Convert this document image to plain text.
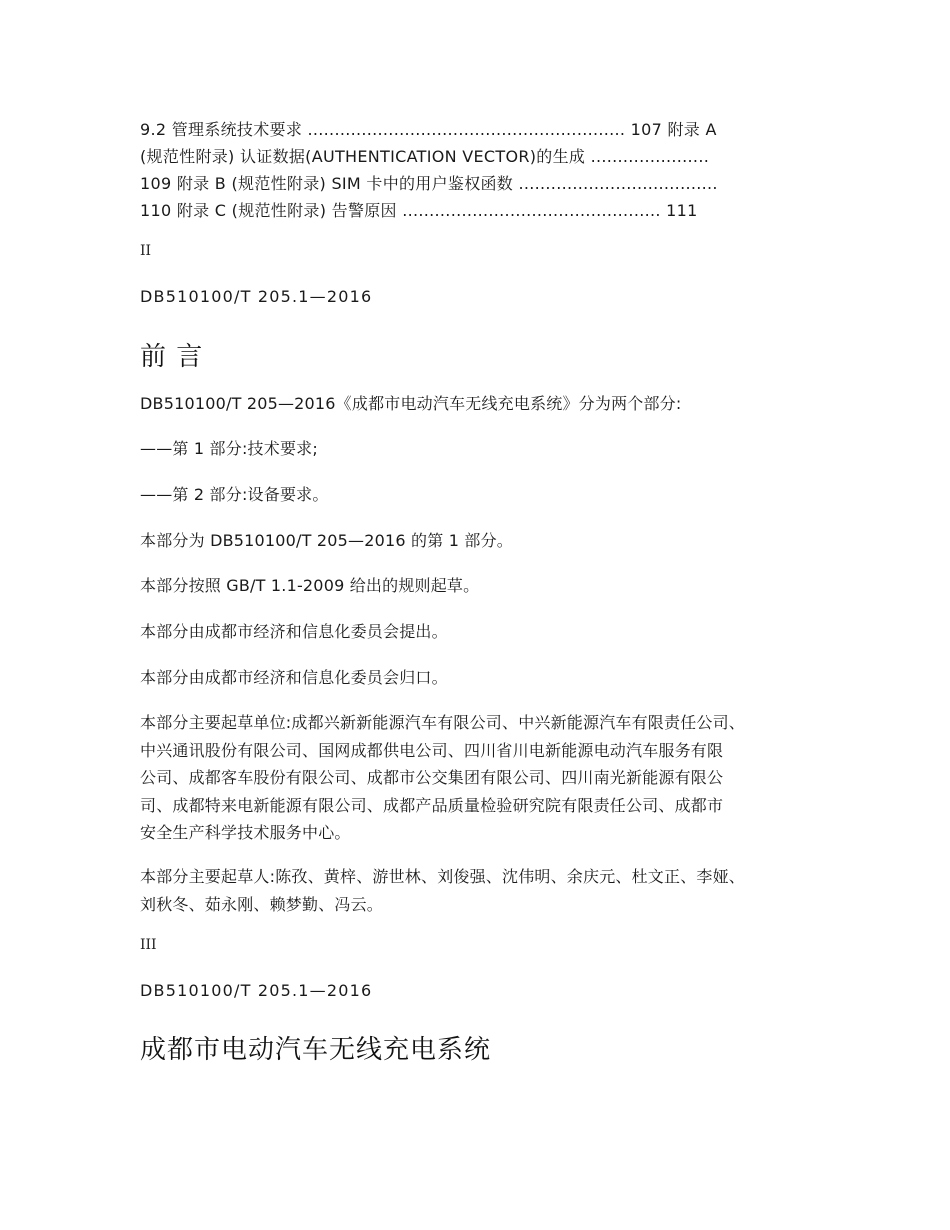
9.2 管理系统技术要求 ........................................................... 107 附录 A
(规范性附录) 认证数据(AUTHENTICATION VECTOR)的生成 ......................
109 附录 B (规范性附录) SIM 卡中的用户鉴权函数 .....................................
110 附录 C (规范性附录) 告警原因 ................................................ 111
II
DB510100/T 205.1—2016
前 言
DB510100/T 205—2016《成都市电动汽车无线充电系统》分为两个部分:
——第 1 部分:技术要求;
——第 2 部分:设备要求。
本部分为 DB510100/T 205—2016 的第 1 部分。
本部分按照 GB/T 1.1-2009 给出的规则起草。
本部分由成都市经济和信息化委员会提出。
本部分由成都市经济和信息化委员会归口。
本部分主要起草单位:成都兴新新能源汽车有限公司、中兴新能源汽车有限责任公司、
中兴通讯股份有限公司、国网成都供电公司、四川省川电新能源电动汽车服务有限
公司、成都客车股份有限公司、成都市公交集团有限公司、四川南光新能源有限公
司、成都特来电新能源有限公司、成都产品质量检验研究院有限责任公司、成都市
安全生产科学技术服务中心。
本部分主要起草人:陈孜、黄梓、游世林、刘俊强、沈伟明、余庆元、杜文正、李娅、
刘秋冬、茹永刚、赖梦勤、冯云。
III
DB510100/T 205.1—2016
成都市电动汽车无线充电系统
